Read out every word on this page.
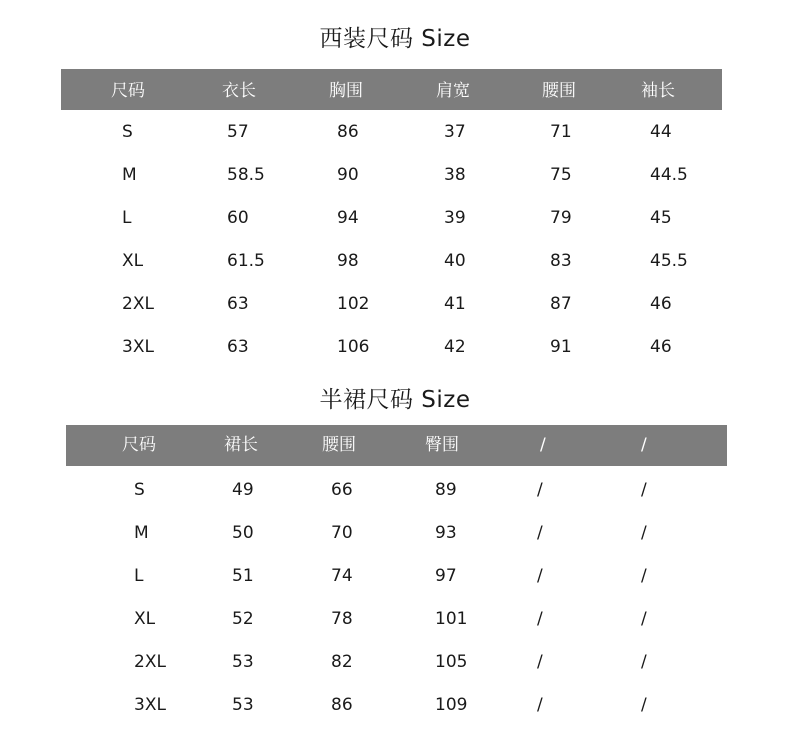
西装尺码 Size
尺码	衣长	胸围	肩宽	腰围	袖长
S	57	86	37	71	44
M	58.5	90	38	75	44.5
L	60	94	39	79	45
XL	61.5	98	40	83	45.5
2XL	63	102	41	87	46
3XL	63	106	42	91	46
半裙尺码 Size
尺码	裙长	腰围	臀围	/	/
S	49	66	89	/	/
M	50	70	93	/	/
L	51	74	97	/	/
XL	52	78	101	/	/
2XL	53	82	105	/	/
3XL	53	86	109	/	/
